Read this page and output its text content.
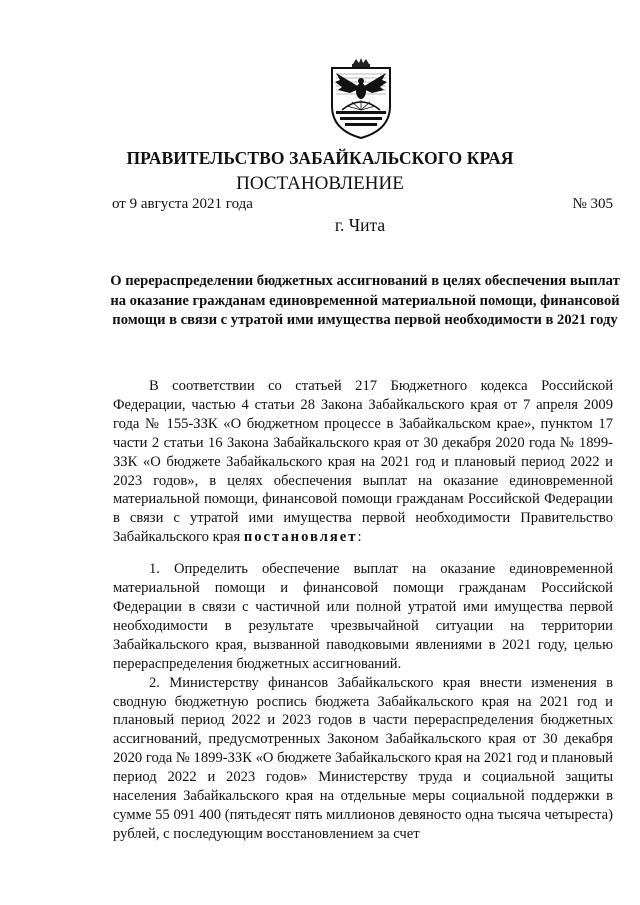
ПРАВИТЕЛЬСТВО ЗАБАЙКАЛЬСКОГО КРАЯ
ПОСТАНОВЛЕНИЕ
от 9 августа 2021 года	№ 305
г. Чита
О перераспределении бюджетных ассигнований в целях обеспечения выплат на оказание гражданам единовременной материальной помощи, финансовой помощи в связи с утратой ими имущества первой необходимости в 2021 году

В соответствии со статьей 217 Бюджетного кодекса Российской Федерации, частью 4 статьи 28 Закона Забайкальского края от 7 апреля 2009 года № 155-ЗЗК «О бюджетном процессе в Забайкальском крае», пунктом 17 части 2 статьи 16 Закона Забайкальского края от 30 декабря 2020 года № 1899-ЗЗК «О бюджете Забайкальского края на 2021 год и плановый период 2022 и 2023 годов», в целях обеспечения выплат на оказание единовременной материальной помощи, финансовой помощи гражданам Российской Федерации в связи с утратой ими имущества первой необходимости Правительство Забайкальского края постановляет:

1. Определить обеспечение выплат на оказание единовременной материальной помощи и финансовой помощи гражданам Российской Федерации в связи с частичной или полной утратой ими имущества первой необходимости в результате чрезвычайной ситуации на территории Забайкальского края, вызванной паводковыми явлениями в 2021 году, целью перераспределения бюджетных ассигнований.

2. Министерству финансов Забайкальского края внести изменения в сводную бюджетную роспись бюджета Забайкальского края на 2021 год и плановый период 2022 и 2023 годов в части перераспределения бюджетных ассигнований, предусмотренных Законом Забайкальского края от 30 декабря 2020 года № 1899-ЗЗК «О бюджете Забайкальского края на 2021 год и плановый период 2022 и 2023 годов» Министерству труда и социальной защиты населения Забайкальского края на отдельные меры социальной поддержки в сумме 55 091 400 (пятьдесят пять миллионов девяносто одна тысяча четыреста) рублей, с последующим восстановлением за счет
